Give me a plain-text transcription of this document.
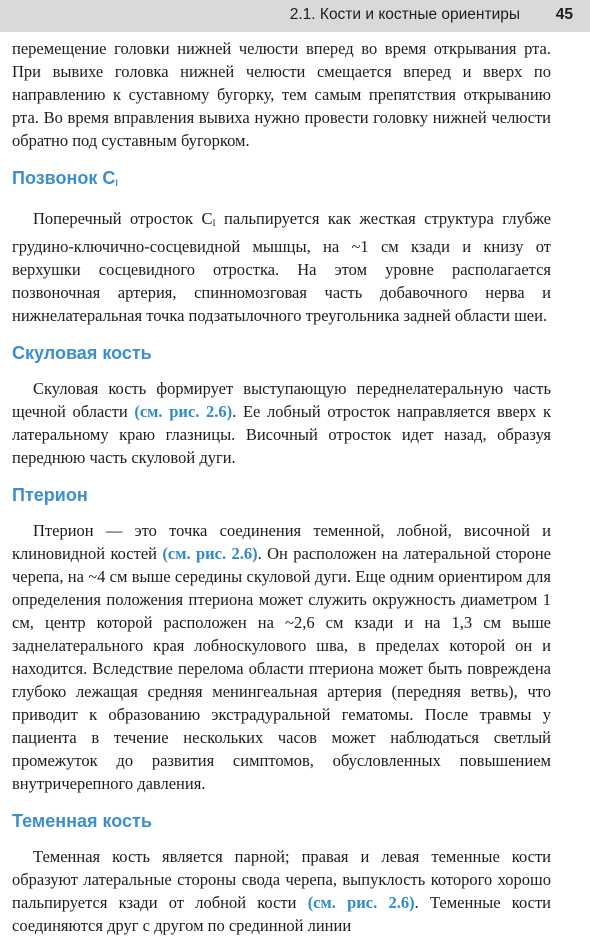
2.1. Кости и костные ориентиры 45

перемещение головки нижней челюсти вперед во время открывания рта. При вывихе головка нижней челюсти смещается вперед и вверх по направлению к суставному бугорку, тем самым препятствия открыванию рта. Во время вправления вывиха нужно провести головку нижней челюсти обратно под суставным бугорком.

Позвонок $C_I$

Поперечный отросток $C_I$ пальпируется как жесткая структура глубже грудино-ключично-сосцевидной мышцы, на ~1 см кзади и книзу от верхушки сосцевидного отростка. На этом уровне располагается позвоночная артерия, спинномозговая часть добавочного нерва и нижнелатеральная точка подзатылочного треугольника задней области шеи.

Скуловая кость

Скуловая кость формирует выступающую переднелатеральную часть щечной области (см. рис. 2.6). Ее лобный отросток направляется вверх к латеральному краю глазницы. Височный отросток идет назад, образуя переднюю часть скуловой дуги.

Птерион

Птерион — это точка соединения теменной, лобной, височной и клиновидной костей (см. рис. 2.6). Он расположен на латеральной стороне черепа, на ~4 см выше середины скуловой дуги. Еще одним ориентиром для определения положения птериона может служить окружность диаметром 1 см, центр которой расположен на ~2,6 см кзади и на 1,3 см выше заднелатерального края лобноскулового шва, в пределах которой он и находится. Вследствие перелома области птериона может быть повреждена глубоко лежащая средняя менингеальная артерия (передняя ветвь), что приводит к образованию экстрадуральной гематомы. После травмы у пациента в течение нескольких часов может наблюдаться светлый промежуток до развития симптомов, обусловленных повышением внутричерепного давления.

Теменная кость

Теменная кость является парной; правая и левая теменные кости образуют латеральные стороны свода черепа, выпуклость которого хорошо пальпируется кзади от лобной кости (см. рис. 2.6). Теменные кости соединяются друг с другом по срединной линии
